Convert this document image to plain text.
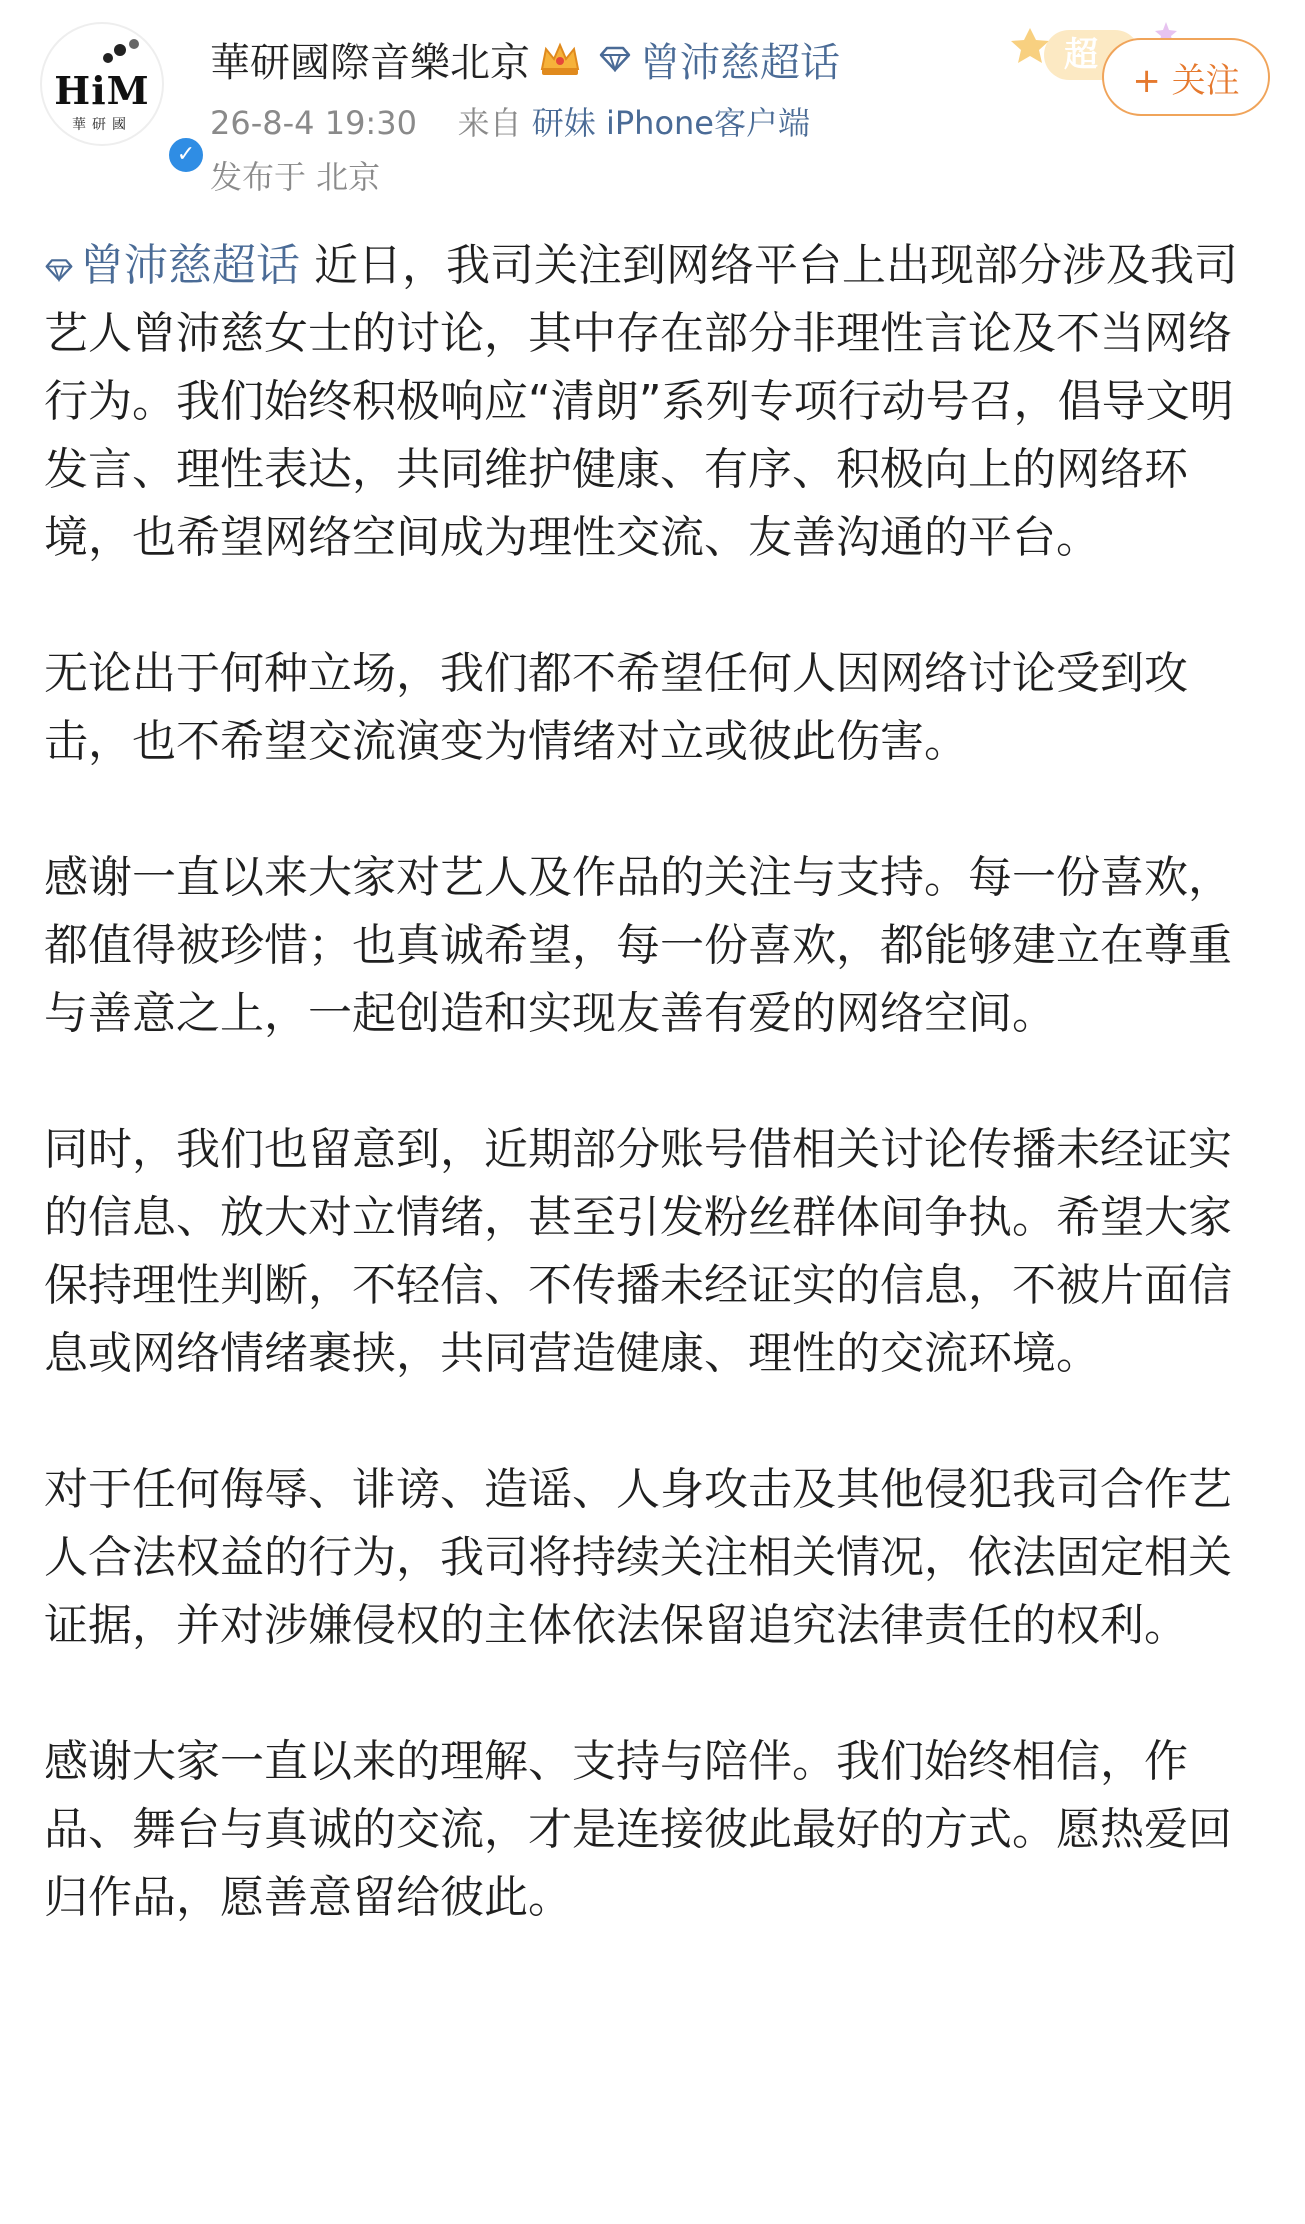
HiM
華研國
✓
華研國際音樂北京	曾沛慈超话
26-8-4 19:30 来自 研妹 iPhone客户端
发布于 北京
超
+ 关注

曾沛慈超话 近日，我司关注到网络平台上出现部分涉及我司艺人曾沛慈女士的讨论，其中存在部分非理性言论及不当网络行为。我们始终积极响应“清朗”系列专项行动号召，倡导文明发言、理性表达，共同维护健康、有序、积极向上的网络环境，也希望网络空间成为理性交流、友善沟通的平台。

无论出于何种立场，我们都不希望任何人因网络讨论受到攻击，也不希望交流演变为情绪对立或彼此伤害。

感谢一直以来大家对艺人及作品的关注与支持。每一份喜欢，都值得被珍惜；也真诚希望，每一份喜欢，都能够建立在尊重与善意之上，一起创造和实现友善有爱的网络空间。

同时，我们也留意到，近期部分账号借相关讨论传播未经证实的信息、放大对立情绪，甚至引发粉丝群体间争执。希望大家保持理性判断，不轻信、不传播未经证实的信息，不被片面信息或网络情绪裹挟，共同营造健康、理性的交流环境。

对于任何侮辱、诽谤、造谣、人身攻击及其他侵犯我司合作艺人合法权益的行为，我司将持续关注相关情况，依法固定相关证据，并对涉嫌侵权的主体依法保留追究法律责任的权利。

感谢大家一直以来的理解、支持与陪伴。我们始终相信，作品、舞台与真诚的交流，才是连接彼此最好的方式。愿热爱回归作品，愿善意留给彼此。
